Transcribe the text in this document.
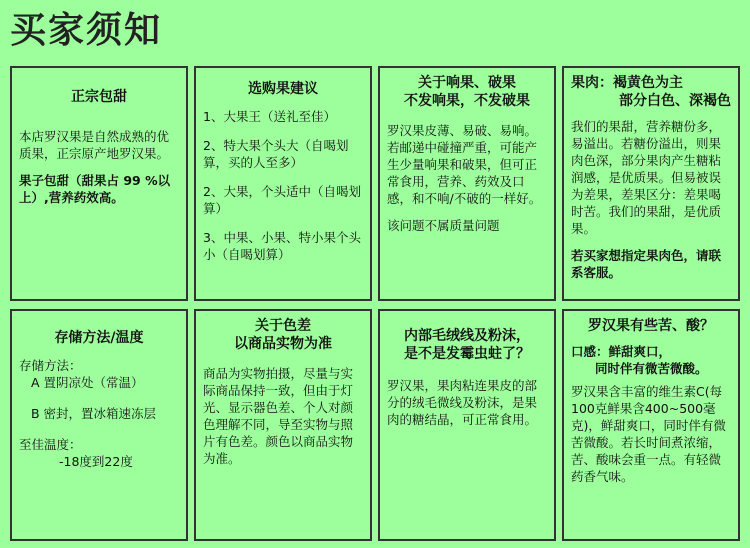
买家须知
正宗包甜

本店罗汉果是自然成熟的优质果，正宗原产地罗汉果。

果子包甜（甜果占 99 %以上）,营养药效高。

选购果建议

1、大果王（送礼至佳）

2、特大果个头大（自喝划算，买的人至多）

2、大果，个头适中（自喝划算）

3、中果、小果、特小果个头小（自喝划算）

关于响果、破果
不发响果，不发破果

罗汉果皮薄、易破、易响。若邮递中碰撞严重，可能产生少量响果和破果，但可正常食用，营养、药效及口感，和不响/不破的一样好。

该问题不属质量问题

果肉：褐黄色为主
部分白色、深褐色

我们的果甜，营养糖份多，易溢出。若糖份溢出，则果肉色深，部分果肉产生糖粘润感，是优质果。但易被误为差果，差果区分：差果喝时苦。我们的果甜，是优质果。

若买家想指定果肉色，请联系客服。

存储方法/温度

存储方法：

A 置阴凉处（常温）

B 密封，置冰箱速冻层

至佳温度：

-18度到22度

关于色差
以商品实物为准

商品为实物拍摄，尽量与实际商品保持一致，但由于灯光、显示器色差、个人对颜色理解不同，导至实物与照片有色差。颜色以商品实物为准。

内部毛绒线及粉沫，
是不是发霉虫蛀了？

罗汉果，果肉粘连果皮的部分的绒毛微线及粉沫，是果肉的糖结晶，可正常食用。

罗汉果有些苦、酸？

口感：鲜甜爽口，

同时伴有微苦微酸。

罗汉果含丰富的维生素C(每100克鲜果含400~500毫克)，鲜甜爽口，同时伴有微苦微酸。若长时间煮浓缩，苦、酸味会重一点。有轻微药香气味。
